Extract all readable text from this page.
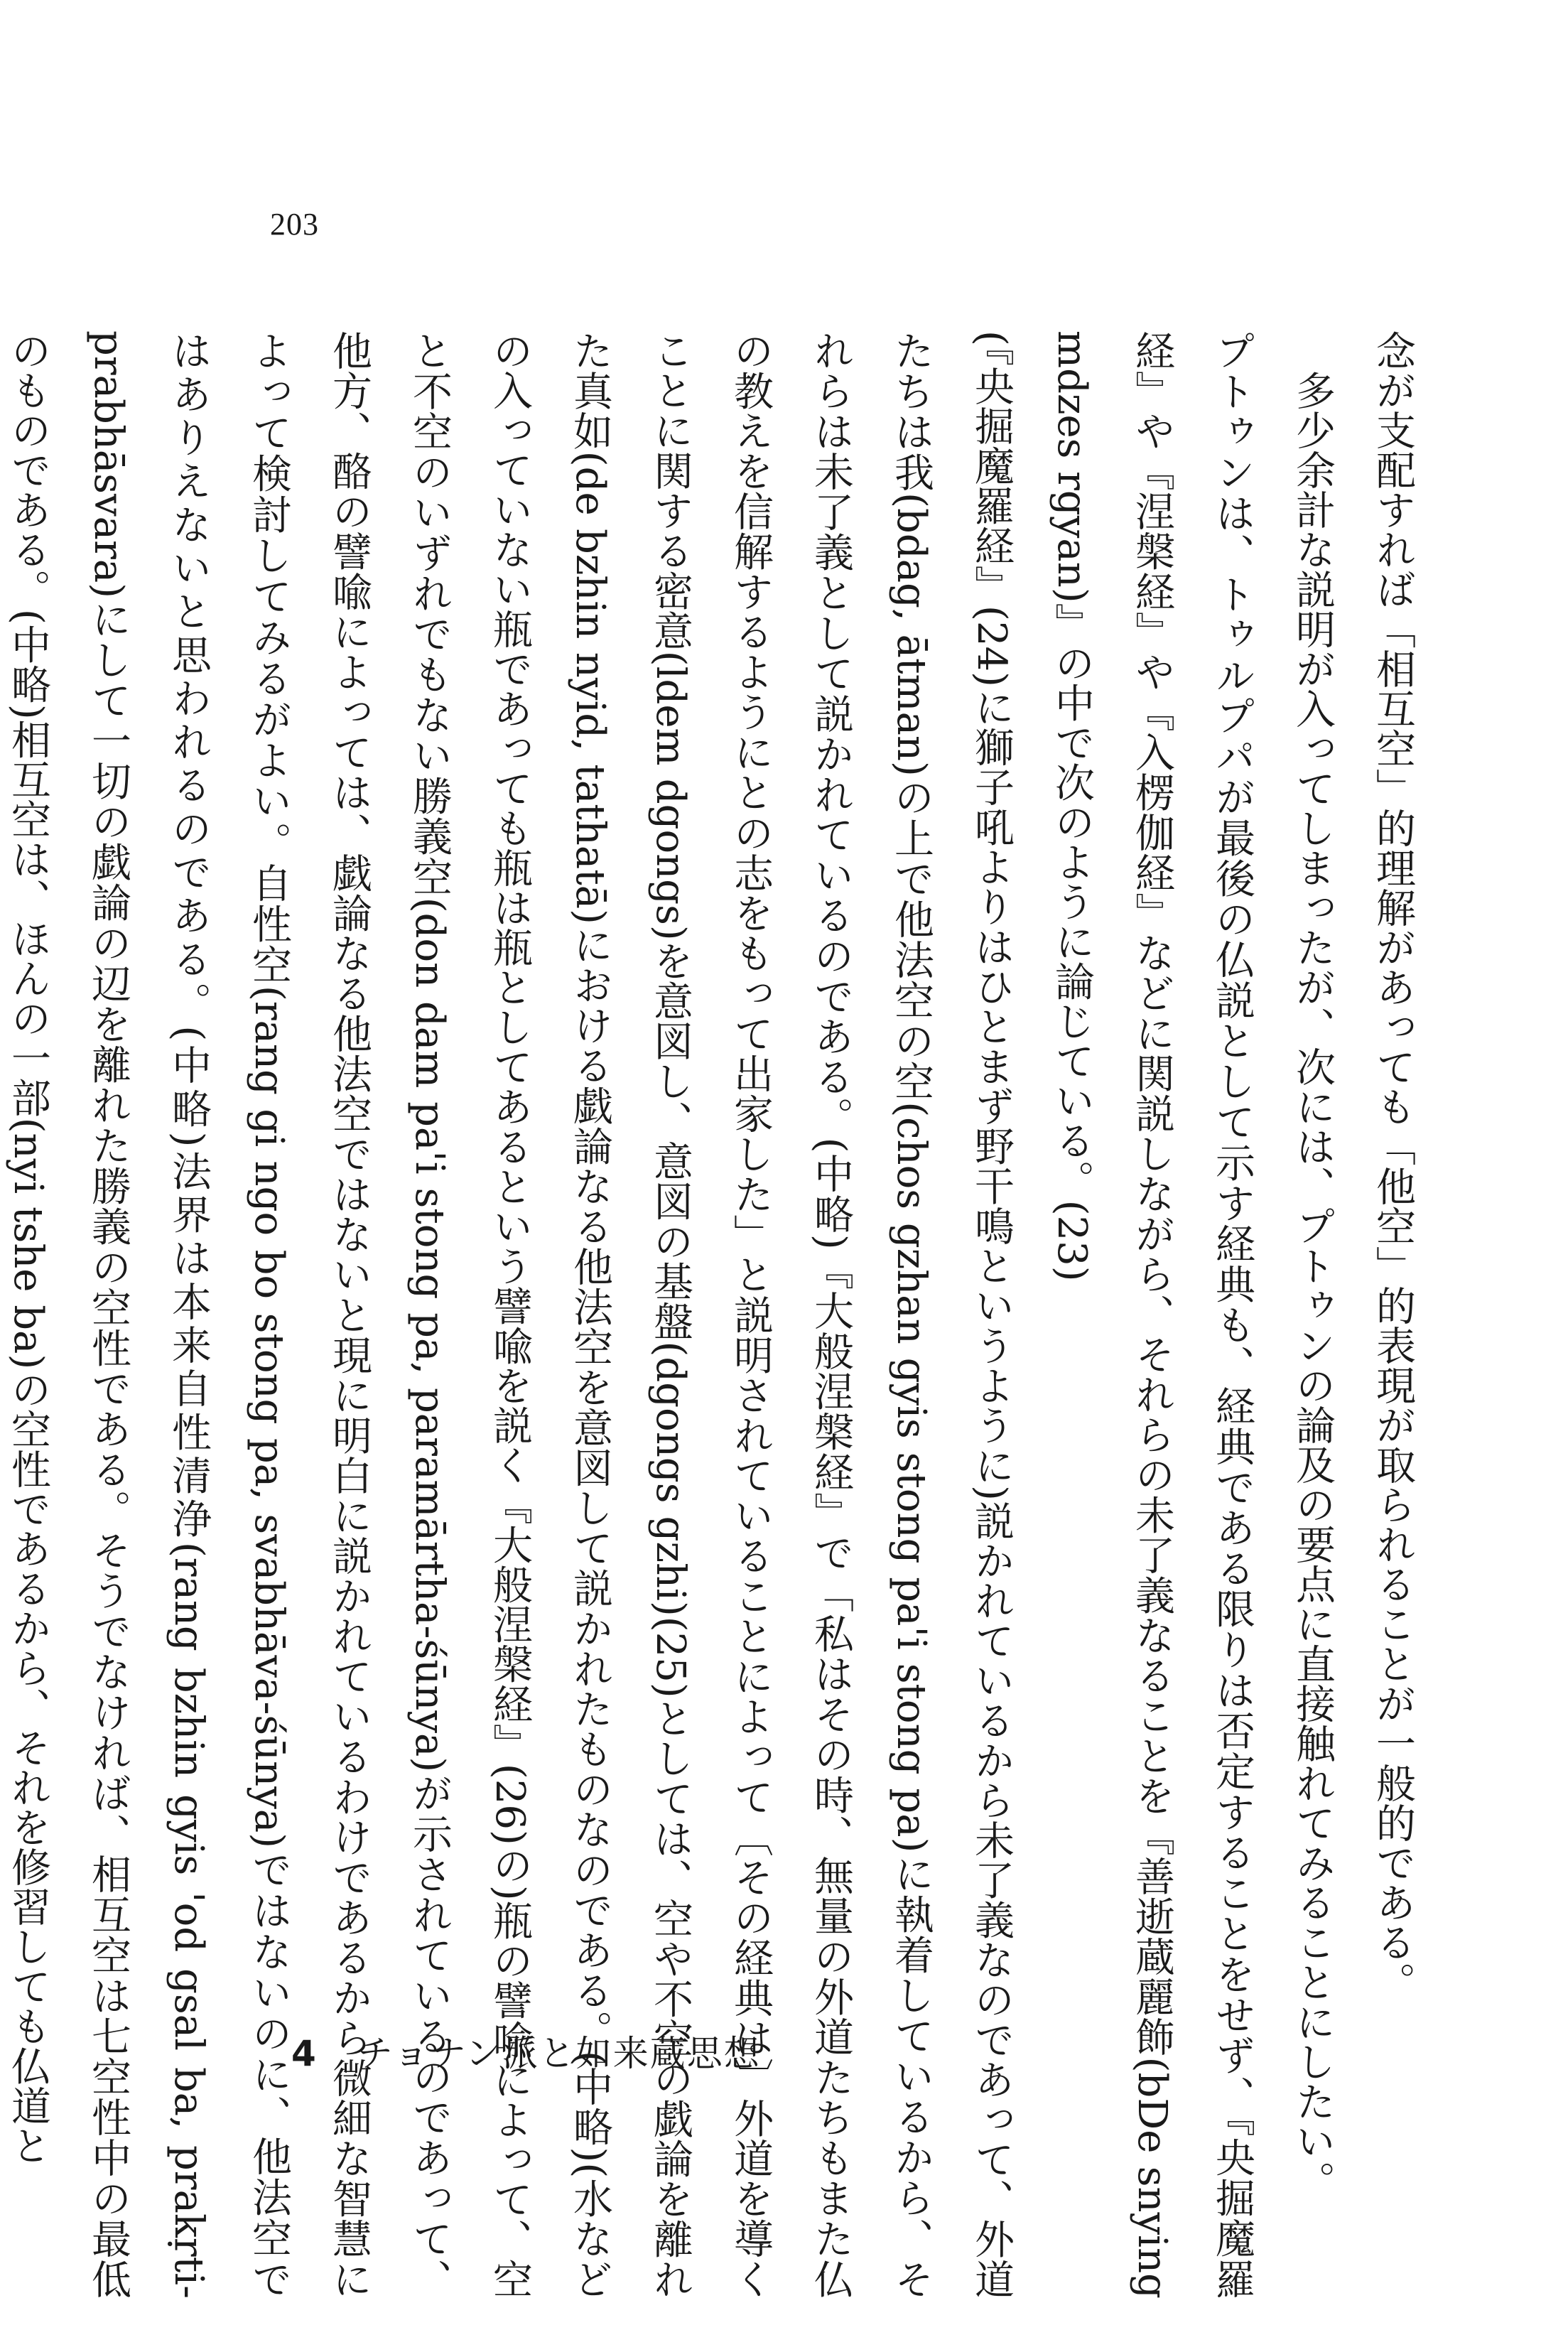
203

念が支配すれば「相互空」的理解があっても「他空」的表現が取られることが一般的である。

多少余計な説明が入ってしまったが、次には、プトゥンの論及の要点に直接触れてみることにしたい。

プトゥンは、トゥルプパが最後の仏説として示す経典も、経典である限りは否定することをせず、『央掘魔羅経』や『涅槃経』や『入楞伽経』などに関説しながら、それらの未了義なることを『善逝蔵麗飾(bDe snying mdzes rgyan)』の中で次のように論じている。(23)

(『央掘魔羅経』(24)に獅子吼よりはひとまず野干鳴というように)説かれているから未了義なのであって、外道たちは我(bdag, ātman)の上で他法空の空(chos gzhan gyis stong pa'i stong pa)に執着しているから、それらは未了義として説かれているのである。(中略)『大般涅槃経』で「私はその時、無量の外道たちもまた仏の教えを信解するようにとの志をもって出家した」と説明されていることによって〔その経典は〕外道を導くことに関する密意(ldem dgongs)を意図し、意図の基盤(dgongs gzhi)(25)としては、空や不空の戯論を離れた真如(de bzhin nyid, tathatā)における戯論なる他法空を意図して説かれたものなのである。(中略)(水などの入っていない瓶であっても瓶は瓶としてあるという譬喩を説く『大般涅槃経』(26)の)瓶の譬喩によって、空と不空のいずれでもない勝義空(don dam pa'i stong pa, paramārtha-śūnya)が示されているのであって、他方、酪の譬喩によっては、戯論なる他法空ではないと現に明白に説かれているわけであるから微細な智慧によって検討してみるがよい。自性空(rang gi ngo bo stong pa, svabhāva-śūnya)ではないのに、他法空ではありえないと思われるのである。(中略)法界は本来自性清浄(rang bzhin gyis 'od gsal ba, prakṛti-prabhāsvara)にして一切の戯論の辺を離れた勝義の空性である。そうでなければ、相互空は七空性中の最低のものである。(中略)相互空は、ほんの一部(nyi tshe ba)の空性であるから、それを修習しても仏道と	4 チョナン派と如来蔵思想
